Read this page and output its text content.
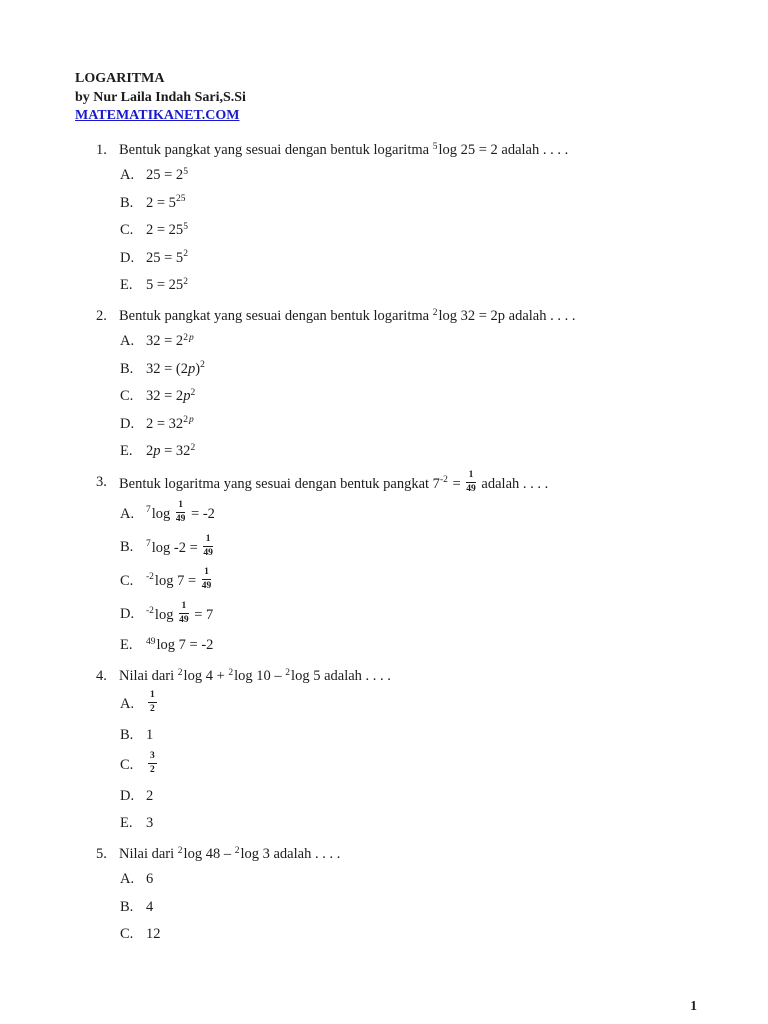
LOGARITMA
by Nur Laila Indah Sari,S.Si
MATEMATIKANET.COM
1. Bentuk pangkat yang sesuai dengan bentuk logaritma $^5$log 25 = 2 adalah . . . .
A. $25 = 2^5$
B. $2 = 5^{25}$
C. $2 = 25^5$
D. $25 = 5^2$
E. $5 = 25^2$
2. Bentuk pangkat yang sesuai dengan bentuk logaritma $^2$log 32 = 2p adalah . . . .
A. $32 = 2^{2p}$
B. $32 = (2p)^2$
C. $32 = 2p^2$
D. $2 = 32^{2p}$
E. $2p = 32^2$
3. Bentuk logaritma yang sesuai dengan bentuk pangkat $7^{-2} = \frac{1}{49}$ adalah . . . .
A.	$^7\log \frac{1}{49} = -2$
B.	$^7$log $-2 = \frac{1}{49}$
C.	$^{-2}$log $7 = \frac{1}{49}$
D.	$^{-2}\log \frac{1}{49} = 7$
E.	$^{49}$log 7 = -2
4. Nilai dari $^2$log 4 + $^2$log 10 – $^2$log 5 adalah . . . .
A.	$\frac{1}{2}$
B. 1
C.	$\frac{3}{2}$
D. 2
E. 3
5. Nilai dari $^2$log 48 – $^2$log 3 adalah . . . .
A. 6
B. 4
C. 12
1
